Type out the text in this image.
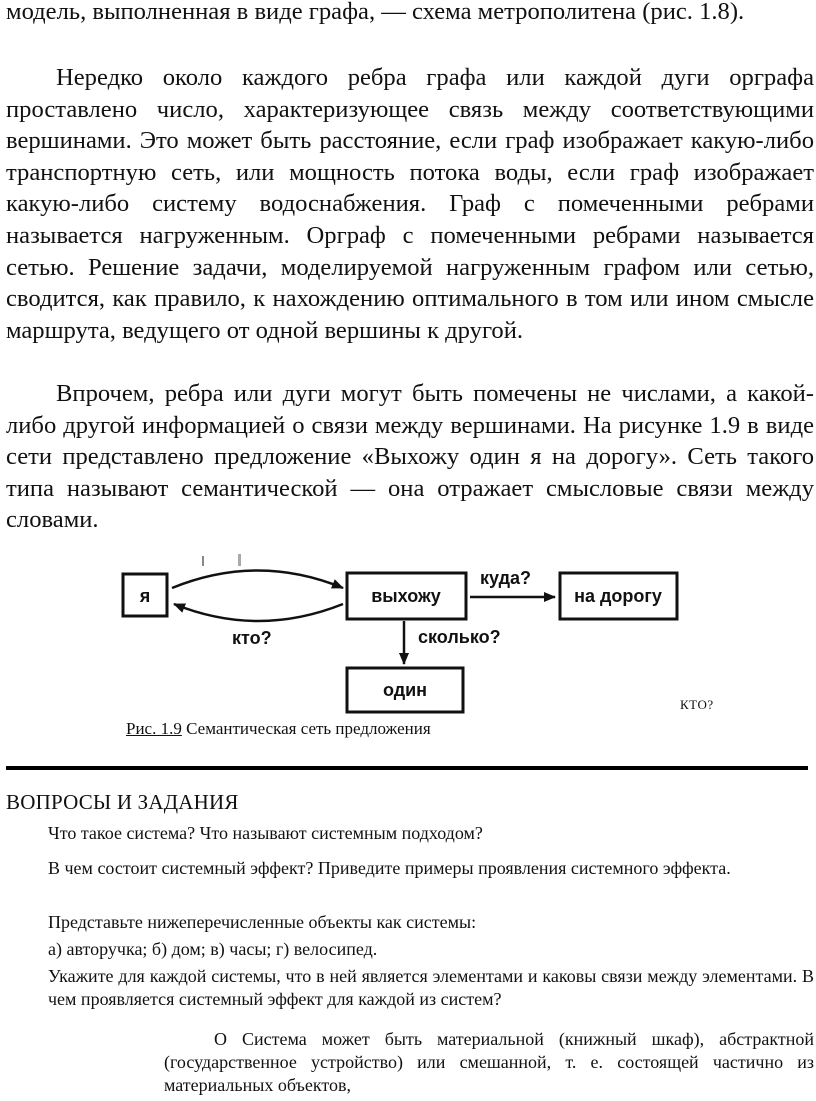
модель, выполненная в виде графа, — схема метрополитена (рис. 1.8).

Нередко около каждого ребра графа или каждой дуги орграфа проставлено число, характеризующее связь между соответствующими вершинами. Это может быть расстояние, если граф изображает какую-либо транспортную сеть, или мощность потока воды, если граф изображает какую-либо систему водоснабжения. Граф с помеченными ребрами называется нагруженным. Орграф с помеченными ребрами называется сетью. Решение задачи, моделируемой нагруженным графом или сетью, сводится, как правило, к нахождению оптимального в том или ином смысле маршрута, ведущего от одной вершины к другой.

Впрочем, ребра или дуги могут быть помечены не числами, а какой-либо другой информацией о связи между вершинами. На рисунке 1.9 в виде сети представлено предложение «Выхожу один я на дорогу». Сеть такого типа называют семантической — она отражает смысловые связи между словами.

я	выхожу	на дорогу
один
куда?
кто?	сколько?
КТО?
Рис. 1.9 Семантическая сеть предложения
ВОПРОСЫ И ЗАДАНИЯ

Что такое система? Что называют системным подходом?

В чем состоит системный эффект? Приведите примеры проявления системного эффекта.

Представьте нижеперечисленные объекты как системы:

а) авторучка; б) дом; в) часы; г) велосипед.

Укажите для каждой системы, что в ней является элементами и каковы связи между элементами. В чем проявляется системный эффект для каждой из систем?

О Система может быть материальной (книжный шкаф), абстрактной (государственное устройство) или смешанной, т. е. состоящей частично из материальных объектов,
